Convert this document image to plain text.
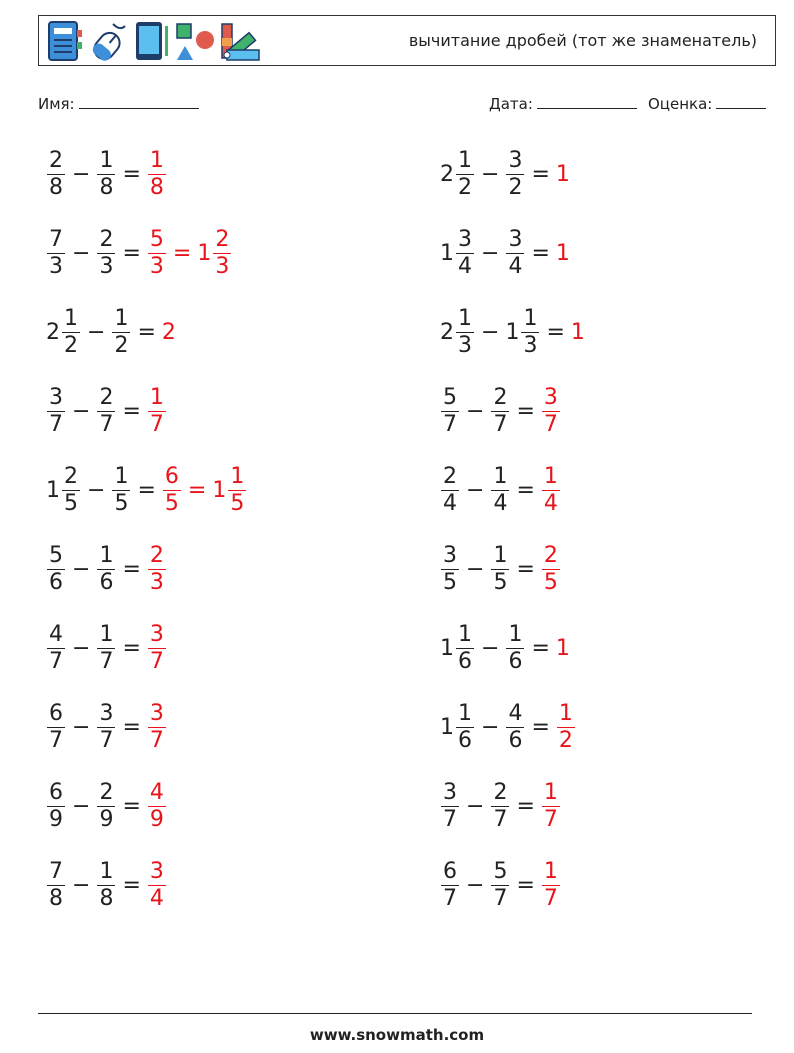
вычитание дробей (тот же знаменатель)
Имя:	Дата:	Оценка:
$\frac{2}{8} - \frac{1}{8} = \frac{1}{8}$
$\frac{7}{3} - \frac{2}{3} = \frac{5}{3} = 1 \frac{2}{3}$
$2 \frac{1}{2} - \frac{1}{2} = 2$
$\frac{3}{7} - \frac{2}{7} = \frac{1}{7}$
$1 \frac{2}{5} - \frac{1}{5} = \frac{6}{5} = 1 \frac{1}{5}$
$\frac{5}{6} - \frac{1}{6} = \frac{2}{3}$
$\frac{4}{7} - \frac{1}{7} = \frac{3}{7}$
$\frac{6}{7} - \frac{3}{7} = \frac{3}{7}$
$\frac{6}{9} - \frac{2}{9} = \frac{4}{9}$
$\frac{7}{8} - \frac{1}{8} = \frac{3}{4}$
$2 \frac{1}{2} - \frac{3}{2} = 1$
$1 \frac{3}{4} - \frac{3}{4} = 1$
$2 \frac{1}{3} - 1 \frac{1}{3} = 1$
$\frac{5}{7} - \frac{2}{7} = \frac{3}{7}$
$\frac{2}{4} - \frac{1}{4} = \frac{1}{4}$
$\frac{3}{5} - \frac{1}{5} = \frac{2}{5}$
$1 \frac{1}{6} - \frac{1}{6} = 1$
$1 \frac{1}{6} - \frac{4}{6} = \frac{1}{2}$
$\frac{3}{7} - \frac{2}{7} = \frac{1}{7}$
$\frac{6}{7} - \frac{5}{7} = \frac{1}{7}$
www.snowmath.com
